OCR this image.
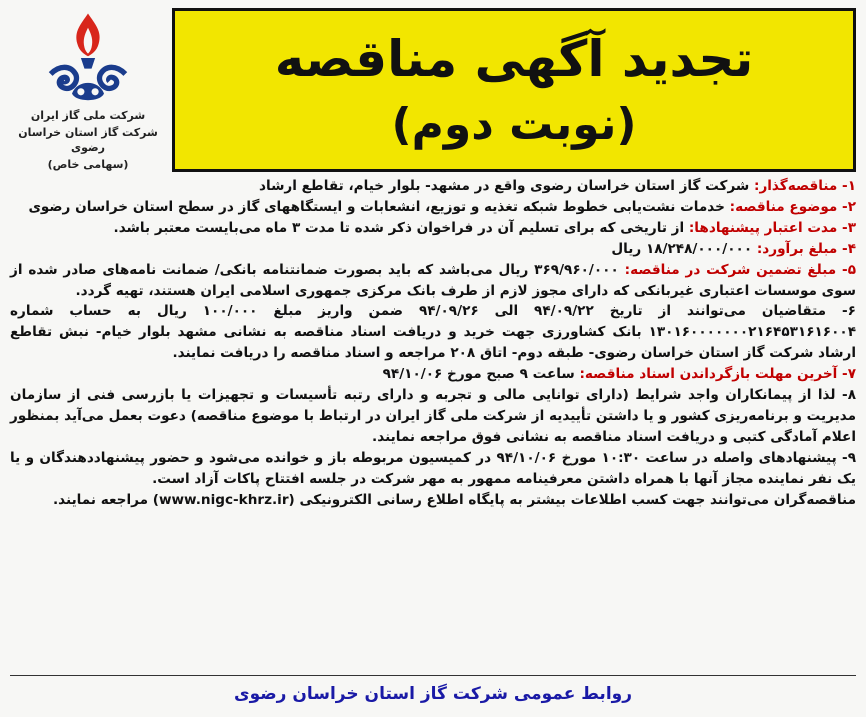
شرکت ملی گاز ایران
شرکت گاز استان خراسان رضوی
(سهامی خاص)
تجدید آگهی مناقصه
(نوبت دوم)
۱- مناقصه‌گذار: شرکت گاز استان خراسان رضوی واقع در مشهد- بلوار خیام، تقاطع ارشاد
۲- موضوع مناقصه: خدمات نشت‌یابی خطوط شبکه تغذیه و توزیع، انشعابات و ایستگاههای گاز در سطح استان خراسان رضوی
۳- مدت اعتبار پیشنهادها: از تاریخی که برای تسلیم آن در فراخوان ذکر شده تا مدت ۳ ماه می‌بایست معتبر باشد.
۴- مبلغ برآورد: ۱۸/۲۴۸/۰۰۰/۰۰۰ ریال
۵- مبلغ تضمین شرکت در مناقصه: ۳۶۹/۹۶۰/۰۰۰ ریال می‌باشد که باید بصورت ضمانتنامه بانکی/ ضمانت نامه‌های صادر شده از سوی موسسات اعتباری غیربانکی که دارای مجوز لازم از طرف بانک مرکزی جمهوری اسلامی ایران هستند، تهیه گردد.
۶- متقاضیان می‌توانند از تاریخ ۹۴/۰۹/۲۲ الی ۹۴/۰۹/۲۶ ضمن واریز مبلغ ۱۰۰/۰۰۰ ریال به حساب شماره ۱۳۰۱۶۰۰۰۰۰۰۰۲۱۶۴۵۳۱۶۱۶۰۰۴ بانک کشاورزی جهت خرید و دریافت اسناد مناقصه به نشانی مشهد بلوار خیام- نبش تقاطع ارشاد شرکت گاز استان خراسان رضوی- طبقه دوم- اتاق ۲۰۸ مراجعه و اسناد مناقصه را دریافت نمایند.
۷- آخرین مهلت بازگرداندن اسناد مناقصه: ساعت ۹ صبح مورخ ۹۴/۱۰/۰۶
۸- لذا از پیمانکاران واجد شرایط (دارای توانایی مالی و تجربه و دارای رتبه تأسیسات و تجهیزات یا بازرسی فنی از سازمان مدیریت و برنامه‌ریزی کشور و یا داشتن تأییدیه از شرکت ملی گاز ایران در ارتباط با موضوع مناقصه) دعوت بعمل می‌آید بمنظور اعلام آمادگی کتبی و دریافت اسناد مناقصه به نشانی فوق مراجعه نمایند.
۹- پیشنهادهای واصله در ساعت ۱۰:۳۰ مورخ ۹۴/۱۰/۰۶ در کمیسیون مربوطه باز و خوانده می‌شود و حضور پیشنهاددهندگان و یا یک نفر نماینده مجاز آنها با همراه داشتن معرفینامه ممهور به مهر شرکت در جلسه افتتاح پاکات آزاد است.
مناقصه‌گران می‌توانند جهت کسب اطلاعات بیشتر به پایگاه اطلاع رسانی الکترونیکی (www.nigc-khrz.ir) مراجعه نمایند.
روابط عمومی شرکت گاز استان خراسان رضوی
